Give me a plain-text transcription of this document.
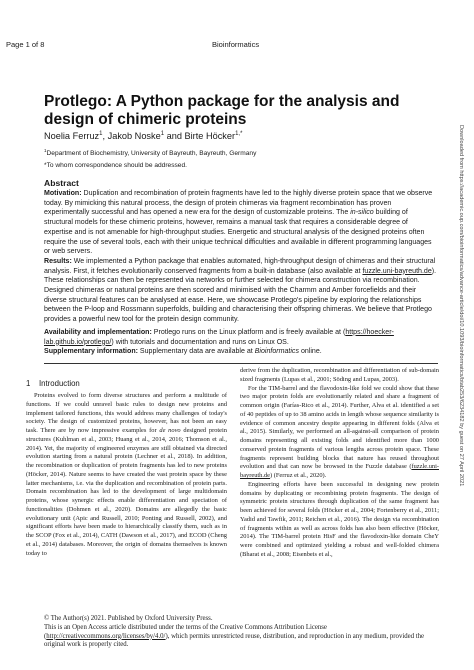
Page 1 of 8	Bioinformatics
Downloaded from https://academic.oup.com/bioinformatics/advance-article/doi/10.1093/bioinformatics/btab253/6234182 by guest on 27 April 2021
Protlego: A Python package for the analysis and design of chimeric proteins
Noelia Ferruz$^1$, Jakob Noske$^1$ and Birte Höcker$^{1,*}$
$^1$Department of Biochemistry, University of Bayreuth, Bayreuth, Germany
*To whom correspondence should be addressed.
Abstract

Motivation: Duplication and recombination of protein fragments have led to the highly diverse protein space that we observe today. By mimicking this natural process, the design of protein chimeras via fragment recombination has proven experimentally successful and has opened a new era for the design of customizable proteins. The in-silico building of structural models for these chimeric proteins, however, remains a manual task that requires a considerable degree of expertise and is not amenable for high-throughput studies. Energetic and structural analysis of the designed proteins often require the use of several tools, each with their unique technical difficulties and available in different programming languages or web servers.

Results: We implemented a Python package that enables automated, high-throughput design of chimeras and their structural analysis. First, it fetches evolutionarily conserved fragments from a built-in database (also available at fuzzle.uni-bayreuth.de). These relationships can then be represented via networks or further selected for chimera construction via recombination. Designed chimeras or natural proteins are then scored and minimised with the Charmm and Amber forcefields and their diverse structural features can be analysed at ease. Here, we showcase Protlego's pipeline by exploring the relationships between the P-loop and Rossmann superfolds, building and characterising their offspring chimeras. We believe that Protlego provides a powerful new tool for the protein design community.

Availability and implementation: Protlego runs on the Linux platform and is freely available at (https://hoecker-lab.github.io/protlego/) with tutorials and documentation and runs on Linux OS.

Supplementary information: Supplementary data are available at Bioinformatics online.

1 Introduction

Proteins evolved to form diverse structures and perform a multitude of functions. If we could unravel basic rules to design new proteins and implement tailored functions, this would address many challenges of today's society. The design of customized proteins, however, has not been an easy task. There are by now impressive examples for de novo designed protein structures (Kuhlman et al., 2003; Huang et al., 2014, 2016; Thomson et al., 2014). Yet, the majority of engineered enzymes are still obtained via directed evolution starting from a natural protein (Lechner et al., 2018). In addition, the recombination or duplication of protein fragments has led to new proteins (Höcker, 2014). Nature seems to have created the vast protein space by these latter mechanisms, i.e. via the duplication and recombination of protein parts. Domain recombination has led to the development of large multidomain proteins, whose synergic effects enable differentiation and speciation of functionalities (Dohmen et al., 2020). Domains are allegedly the basic evolutionary unit (Apic and Russell, 2010; Ponting and Russell, 2002), and significant efforts have been made to hierarchically classify them, such as in the SCOP (Fox et al., 2014), CATH (Dawson et al., 2017), and ECOD (Cheng et al., 2014) databases. Moreover, the origin of domains themselves is known today to

derive from the duplication, recombination and differentiation of sub-domain sized fragments (Lupas et al., 2001; Söding and Lupas, 2003).

For the TIM-barrel and the flavodoxin-like fold we could show that these two major protein folds are evolutionarily related and share a fragment of common origin (Farías-Rico et al., 2014). Further, Alva et al. identified a set of 40 peptides of up to 38 amino acids in length whose sequence similarity is evidence of common ancestry despite appearing in different folds (Alva et al., 2015). Similarly, we performed an all-against-all comparison of protein domains representing all existing folds and identified more than 1000 conserved protein fragments of various lengths across protein space. These fragments represent building blocks that nature has reused throughout evolution and that can now be browsed in the Fuzzle database (fuzzle.uni-bayreuth.de) (Ferruz et al., 2020).

Engineering efforts have been successful in designing new protein domains by duplicating or recombining protein fragments. The design of symmetric protein structures through duplication of the same fragment has been achieved for several folds (Höcker et al., 2004; Fortenberry et al., 2011; Yadid and Tawfik, 2011; Reichen et al., 2016). The design via recombination of fragments within as well as across folds has also been effective (Höcker, 2014). The TIM-barrel protein HisF and the flavodoxin-like domain CheY were combined and optimized yielding a robust and well-folded chimera (Bharat et al., 2008; Eisenbeis et al.,

© The Author(s) 2021. Published by Oxford University Press.

This is an Open Access article distributed under the terms of the Creative Commons Attribution License (http://creativecommons.org/licenses/by/4.0/), which permits unrestricted reuse, distribution, and reproduction in any medium, provided the original work is properly cited.
